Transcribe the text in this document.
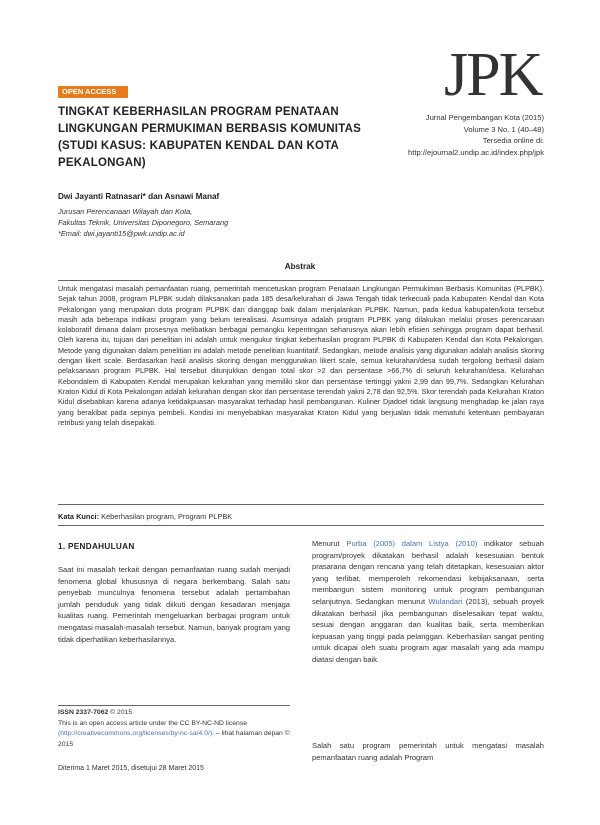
JPK
OPEN ACCESS
TINGKAT KEBERHASILAN PROGRAM PENATAAN
LINGKUNGAN PERMUKIMAN BERBASIS KOMUNITAS
(STUDI KASUS: KABUPATEN KENDAL DAN KOTA
PEKALONGAN)
Jurnal Pengembangan Kota (2015)
Volume 3 No. 1 (40–48)
Tersedia online di:
http://ejournal2.undip.ac.id/index.php/jpk
Dwi Jayanti Ratnasari* dan Asnawi Manaf
Jurusan Perencanaan Wilayah dan Kota,
Fakultas Teknik, Universitas Diponegoro, Semarang
*Email: dwi.jayanti15@pwk.undip.ac.id
Abstrak
Untuk mengatasi masalah pemanfaatan ruang, pemerintah mencetuskan program Penataan Lingkungan Permukiman Berbasis Komunitas (PLPBK). Sejak tahun 2008, program PLPBK sudah dilaksanakan pada 185 desa/kelurahan di Jawa Tengah tidak terkecuali pada Kabupaten Kendal dan Kota Pekalongan yang merupakan duta program PLPBK dan dianggap baik dalam menjalankan PLPBK. Namun, pada kedua kabupaten/kota tersebut masih ada beberapa indikasi program yang belum terealisasi. Asumsinya adalah program PLPBK yang dilakukan melalui proses perencanaan kolaboratif dimana dalam prosesnya melibatkan berbagai pemangku kepentingan seharusnya akan lebih efisien sehingga program dapat berhasil. Oleh karena itu, tujuan dari penelitian ini adalah untuk mengukur tingkat keberhasilan program PLPBK di Kabupaten Kendal dan Kota Pekalongan. Metode yang digunakan dalam penelitian ini adalah metode penelitian kuantitatif. Sedangkan, metode analisis yang digunakan adalah analisis skoring dengan likert scale. Berdasarkan hasil analisis skoring dengan menggunakan likert scale, semua kelurahan/desa sudah tergolong berhasil dalam pelaksanaan program PLPBK. Hal tersebut ditunjukkan dengan total skor >2 dan persentase >66,7% di seluruh kelurahan/desa. Kelurahan Kebondalem di Kabupaten Kendal merupakan kelurahan yang memiliki skor dan persentase tertinggi yakni 2,99 dan 99,7%. Sedangkan Kelurahan Kraton Kidul di Kota Pekalongan adalah kelurahan dengan skor dan persentase terendah yakni 2,78 dan 92,5%. Skor terendah pada Kelurahan Kraton Kidul disebabkan karena adanya ketidakpuasan masyarakat terhadap hasil pembangunan. Kuliner Djadoel tidak langsung menghadap ke jalan raya yang berakibat pada sepinya pembeli. Kondisi ini menyebabkan masyarakat Kraton Kidul yang berjualan tidak mematuhi ketentuan pembayaran retribusi yang telah disepakati.
Kata Kunci: Keberhasilan program, Program PLPBK
1. PENDAHULUAN
Saat ini masalah terkait dengan pemanfaatan ruang sudah menjadi fenomena global khususnya di negara berkembang. Salah satu penyebab munculnya fenomena tersebut adalah pertambahan jumlah penduduk yang tidak diikuti dengan kesadaran menjaga kualitas ruang. Pemerintah mengeluarkan berbagai program untuk mengatasi masalah-masalah tersebut. Namun, banyak program yang tidak diperhatikan keberhasilannya.
ISSN 2337-7062 © 2015
This is an open access article under the CC BY-NC-ND license (http://creativecommons.org/licenses/by-nc-sa/4.0/). – lihat halaman depan © 2015
Diterima 1 Maret 2015, disetujui 28 Maret 2015
Menurut Purba (2005) dalam Listya (2010) indikator sebuah program/proyek dikatakan berhasil adalah kesesuaian bentuk prasarana dengan rencana yang telah ditetapkan, kesesuaian aktor yang terlibat, memperoleh rekomendasi kebijaksanaan, serta membangun sistem monitoring untuk program pembangunan selanjutnya. Sedangkan menurut Wulandari (2013), sebuah proyek dikatakan berhasil jika pembangunan diselesaikan tepat waktu, sesuai dengan anggaran dan kualitas baik, serta memberikan kepuasan yang tinggi pada pelanggan. Keberhasilan sangat penting untuk dicapai oleh suatu program agar masalah yang ada mampu diatasi dengan baik.
Salah satu program pemerintah untuk mengatasi masalah pemanfaatan ruang adalah Program
